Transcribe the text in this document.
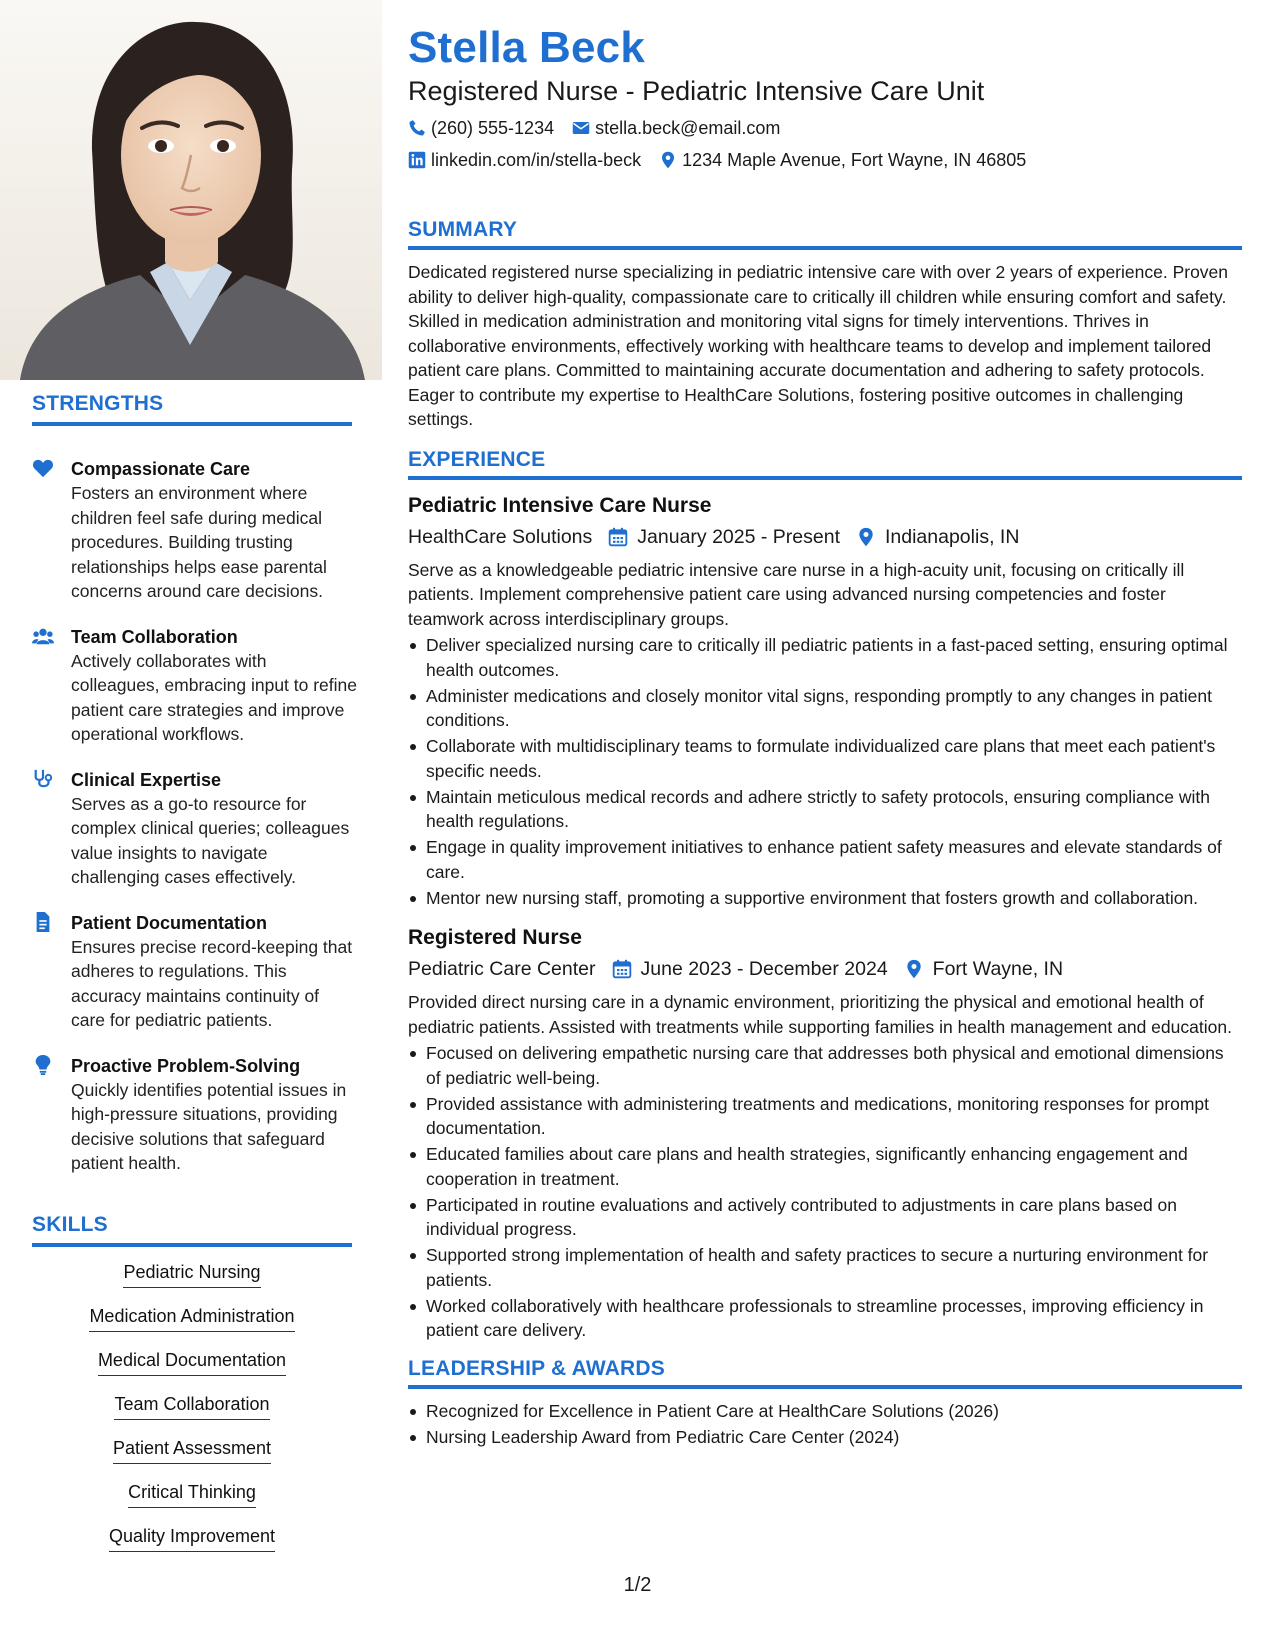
STRENGTHS
Compassionate Care
Fosters an environment where children feel safe during medical procedures. Building trusting relationships helps ease parental concerns around care decisions.
Team Collaboration
Actively collaborates with colleagues, embracing input to refine patient care strategies and improve operational workflows.
Clinical Expertise
Serves as a go-to resource for complex clinical queries; colleagues value insights to navigate challenging cases effectively.
Patient Documentation
Ensures precise record-keeping that adheres to regulations. This accuracy maintains continuity of care for pediatric patients.
Proactive Problem-Solving
Quickly identifies potential issues in high-pressure situations, providing decisive solutions that safeguard patient health.
SKILLS
Pediatric Nursing
Medication Administration
Medical Documentation
Team Collaboration
Patient Assessment
Critical Thinking
Quality Improvement
Stella Beck
Registered Nurse - Pediatric Intensive Care Unit
(260) 555-1234 stella.beck@email.com
linkedin.com/in/stella-beck 1234 Maple Avenue, Fort Wayne, IN 46805
SUMMARY
Dedicated registered nurse specializing in pediatric intensive care with over 2 years of experience. Proven ability to deliver high-quality, compassionate care to critically ill children while ensuring comfort and safety. Skilled in medication administration and monitoring vital signs for timely interventions. Thrives in collaborative environments, effectively working with healthcare teams to develop and implement tailored patient care plans. Committed to maintaining accurate documentation and adhering to safety protocols. Eager to contribute my expertise to HealthCare Solutions, fostering positive outcomes in challenging settings.
EXPERIENCE
Pediatric Intensive Care Nurse
HealthCare Solutions January 2025 - Present Indianapolis, IN
Serve as a knowledgeable pediatric intensive care nurse in a high-acuity unit, focusing on critically ill patients. Implement comprehensive patient care using advanced nursing competencies and foster teamwork across interdisciplinary groups.
Deliver specialized nursing care to critically ill pediatric patients in a fast-paced setting, ensuring optimal health outcomes.
Administer medications and closely monitor vital signs, responding promptly to any changes in patient conditions.
Collaborate with multidisciplinary teams to formulate individualized care plans that meet each patient's specific needs.
Maintain meticulous medical records and adhere strictly to safety protocols, ensuring compliance with health regulations.
Engage in quality improvement initiatives to enhance patient safety measures and elevate standards of care.
Mentor new nursing staff, promoting a supportive environment that fosters growth and collaboration.
Registered Nurse
Pediatric Care Center June 2023 - December 2024 Fort Wayne, IN
Provided direct nursing care in a dynamic environment, prioritizing the physical and emotional health of pediatric patients. Assisted with treatments while supporting families in health management and education.
Focused on delivering empathetic nursing care that addresses both physical and emotional dimensions of pediatric well-being.
Provided assistance with administering treatments and medications, monitoring responses for prompt documentation.
Educated families about care plans and health strategies, significantly enhancing engagement and cooperation in treatment.
Participated in routine evaluations and actively contributed to adjustments in care plans based on individual progress.
Supported strong implementation of health and safety practices to secure a nurturing environment for patients.
Worked collaboratively with healthcare professionals to streamline processes, improving efficiency in patient care delivery.
LEADERSHIP & AWARDS
Recognized for Excellence in Patient Care at HealthCare Solutions (2026)
Nursing Leadership Award from Pediatric Care Center (2024)
1/2
